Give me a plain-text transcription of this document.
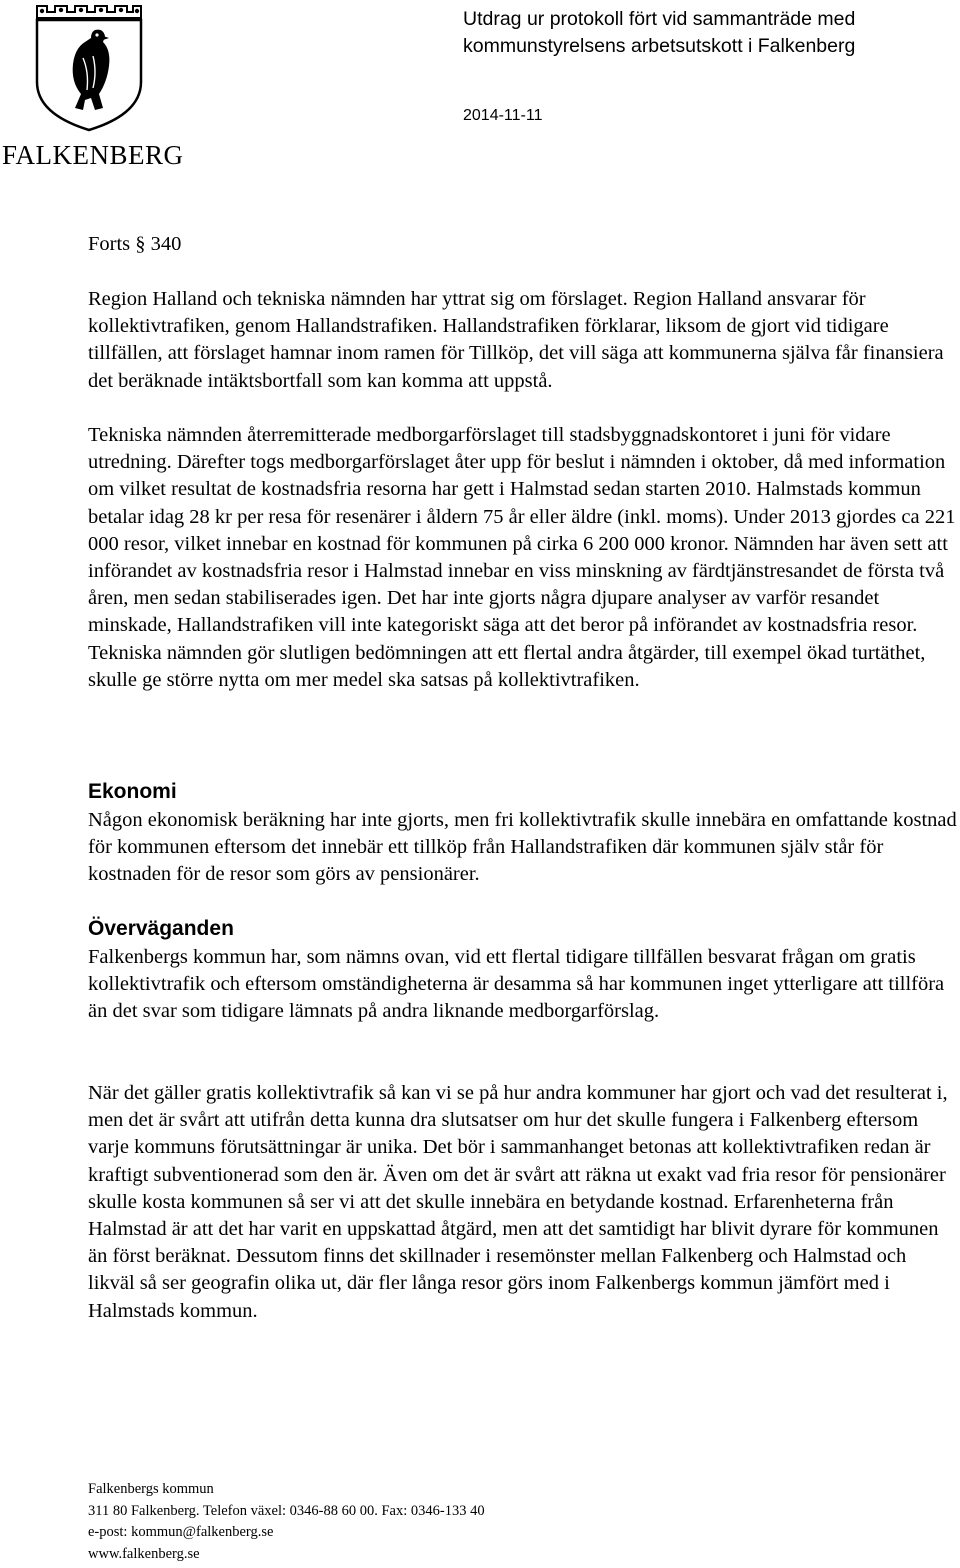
FALKENBERG
Utdrag ur protokoll fört vid sammanträde med
kommunstyrelsens arbetsutskott i Falkenberg
2014-11-11
Forts § 340

Region Halland och tekniska nämnden har yttrat sig om förslaget. Region Halland ansvarar för kollektivtrafiken, genom Hallandstrafiken. Hallandstrafiken förklarar, liksom de gjort vid tidigare tillfällen, att förslaget hamnar inom ramen för Tillköp, det vill säga att kommunerna själva får finansiera det beräknade intäktsbortfall som kan komma att uppstå.

Tekniska nämnden återremitterade medborgarförslaget till stadsbyggnadskontoret i juni för vidare utredning. Därefter togs medborgarförslaget åter upp för beslut i nämnden i oktober, då med information om vilket resultat de kostnadsfria resorna har gett i Halmstad sedan starten 2010. Halmstads kommun betalar idag 28 kr per resa för resenärer i åldern 75 år eller äldre (inkl. moms). Under 2013 gjordes ca 221 000 resor, vilket innebar en kostnad för kommunen på cirka 6 200 000 kronor. Nämnden har även sett att införandet av kostnadsfria resor i Halmstad innebar en viss minskning av färdtjänstresandet de första två åren, men sedan stabiliserades igen. Det har inte gjorts några djupare analyser av varför resandet minskade, Hallandstrafiken vill inte kategoriskt säga att det beror på införandet av kostnadsfria resor. Tekniska nämnden gör slutligen bedömningen att ett flertal andra åtgärder, till exempel ökad turtäthet, skulle ge större nytta om mer medel ska satsas på kollektivtrafiken.

Ekonomi

Någon ekonomisk beräkning har inte gjorts, men fri kollektivtrafik skulle innebära en omfattande kostnad för kommunen eftersom det innebär ett tillköp från Hallandstrafiken där kommunen själv står för kostnaden för de resor som görs av pensionärer.

Överväganden

Falkenbergs kommun har, som nämns ovan, vid ett flertal tidigare tillfällen besvarat frågan om gratis kollektivtrafik och eftersom omständigheterna är desamma så har kommunen inget ytterligare att tillföra än det svar som tidigare lämnats på andra liknande medborgarförslag.

När det gäller gratis kollektivtrafik så kan vi se på hur andra kommuner har gjort och vad det resulterat i, men det är svårt att utifrån detta kunna dra slutsatser om hur det skulle fungera i Falkenberg eftersom varje kommuns förutsättningar är unika. Det bör i sammanhanget betonas att kollektivtrafiken redan är kraftigt subventionerad som den är. Även om det är svårt att räkna ut exakt vad fria resor för pensionärer skulle kosta kommunen så ser vi att det skulle innebära en betydande kostnad. Erfarenheterna från Halmstad är att det har varit en uppskattad åtgärd, men att det samtidigt har blivit dyrare för kommunen än först beräknat. Dessutom finns det skillnader i resemönster mellan Falkenberg och Halmstad och likväl så ser geografin olika ut, där fler långa resor görs inom Falkenbergs kommun jämfört med i Halmstads kommun.

Falkenbergs kommun
311 80 Falkenberg. Telefon växel: 0346-88 60 00. Fax: 0346-133 40
e-post: kommun@falkenberg.se
www.falkenberg.se
